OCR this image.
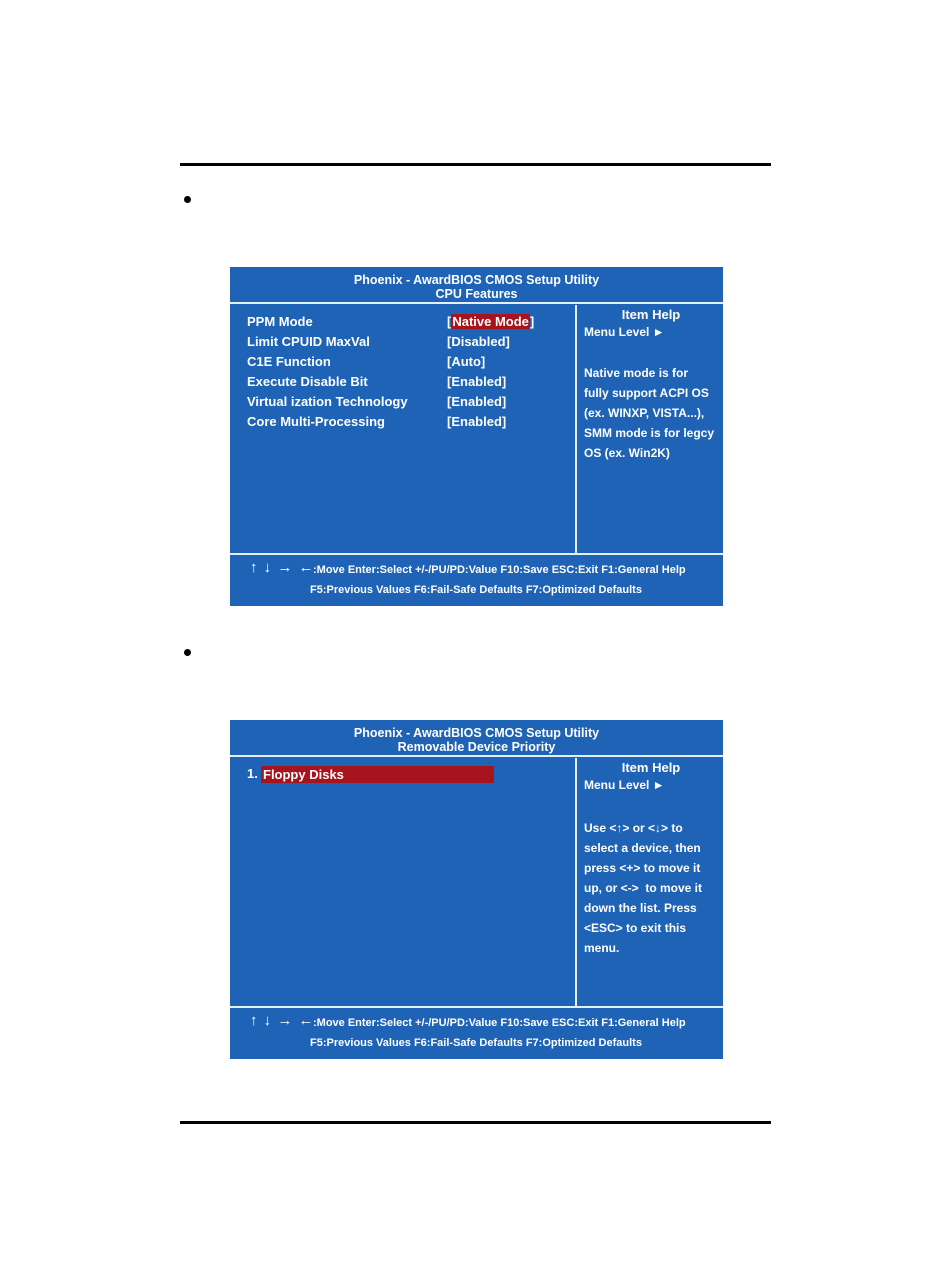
Phoenix - AwardBIOS CMOS Setup Utility
CPU Features
PPM Mode	[Native Mode]
Limit CPUID MaxVal	[Disabled]
C1E Function	[Auto]
Execute Disable Bit	[Enabled]
Virtual ization Technology	[Enabled]
Core Multi-Processing	[Enabled]
Item Help
Menu Level ►
Native mode is for
fully support ACPI OS
(ex. WINXP, VISTA...),
SMM mode is for legcy
OS (ex. Win2K)
↑ ↓ → ←
:Move Enter:Select +/-/PU/PD:Value F10:Save ESC:Exit F1:General Help
F5:Previous Values F6:Fail-Safe Defaults F7:Optimized Defaults
Phoenix - AwardBIOS CMOS Setup Utility
Removable Device Priority
1. Floppy Disks	Item Help
Menu Level ►
Use <↑> or <↓> to
select a device, then
press <+> to move it
up, or <->  to move it
down the list. Press
<ESC> to exit this
menu.
↑ ↓ → ←
:Move Enter:Select +/-/PU/PD:Value F10:Save ESC:Exit F1:General Help
F5:Previous Values F6:Fail-Safe Defaults F7:Optimized Defaults
